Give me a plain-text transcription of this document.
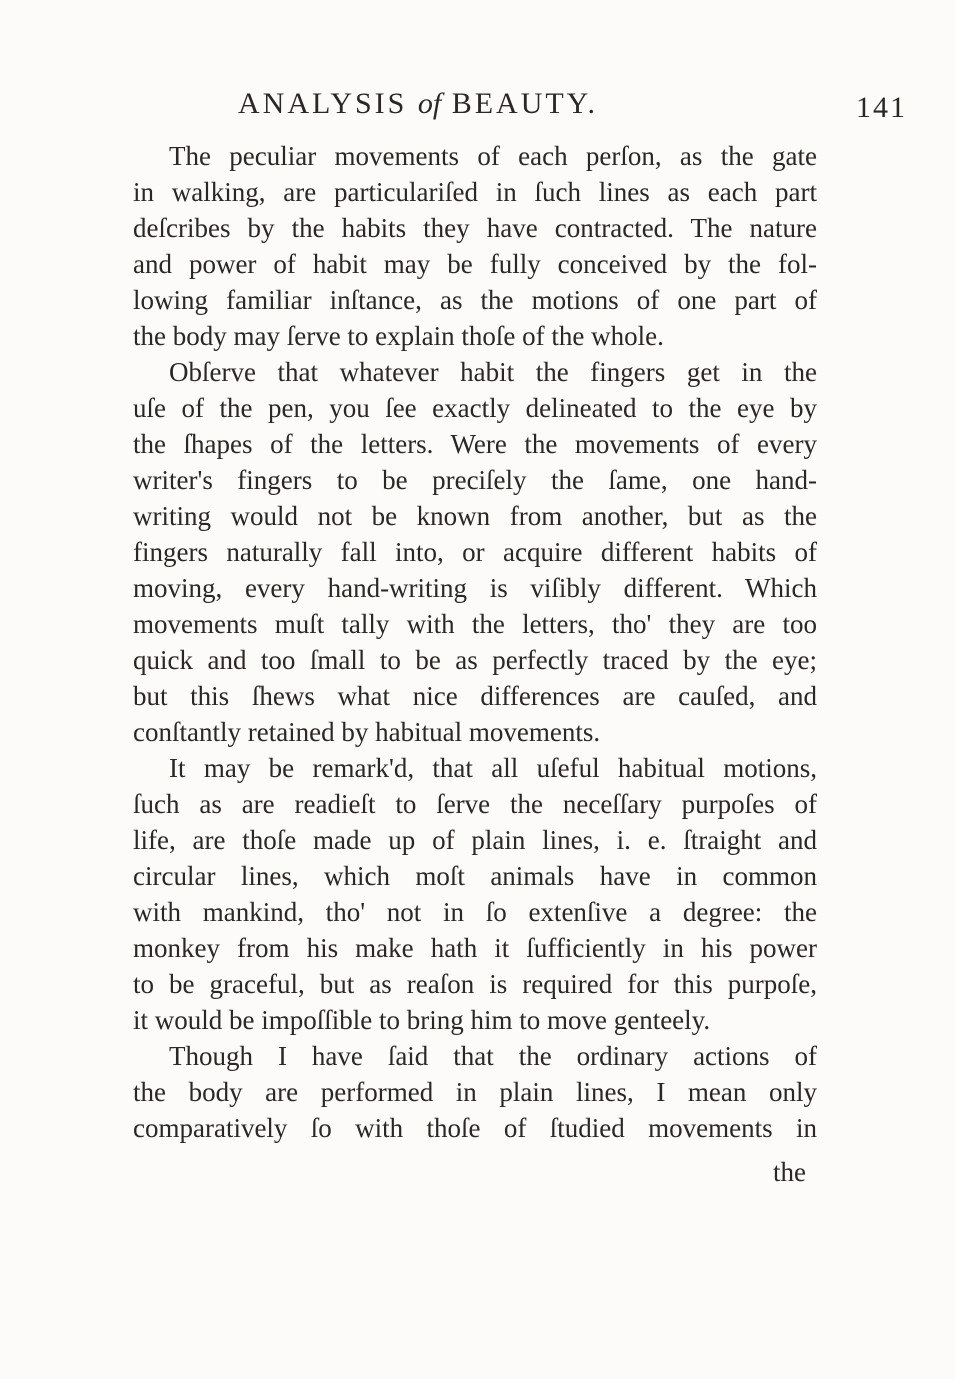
ANALYSIS of BEAUTY.	141
The peculiar movements of each perſon, as the gate
in walking, are particulariſed in ſuch lines as each part
deſcribes by the habits they have contracted. The nature
and power of habit may be fully conceived by the fol-
lowing familiar inſtance, as the motions of one part of
the body may ſerve to explain thoſe of the whole.
Obſerve that whatever habit the fingers get in the
uſe of the pen, you ſee exactly delineated to the eye by
the ſhapes of the letters. Were the movements of every
writer's fingers to be preciſely the ſame, one hand-
writing would not be known from another, but as the
fingers naturally fall into, or acquire different habits of
moving, every hand-writing is viſibly different. Which
movements muſt tally with the letters, tho' they are too
quick and too ſmall to be as perfectly traced by the eye;
but this ſhews what nice differences are cauſed, and
conſtantly retained by habitual movements.
It may be remark'd, that all uſeful habitual motions,
ſuch as are readieſt to ſerve the neceſſary purpoſes of
life, are thoſe made up of plain lines, i. e. ſtraight and
circular lines, which moſt animals have in common
with mankind, tho' not in ſo extenſive a degree: the
monkey from his make hath it ſufficiently in his power
to be graceful, but as reaſon is required for this purpoſe,
it would be impoſſible to bring him to move genteely.
Though I have ſaid that the ordinary actions of
the body are performed in plain lines, I mean only
comparatively ſo with thoſe of ſtudied movements in
the
